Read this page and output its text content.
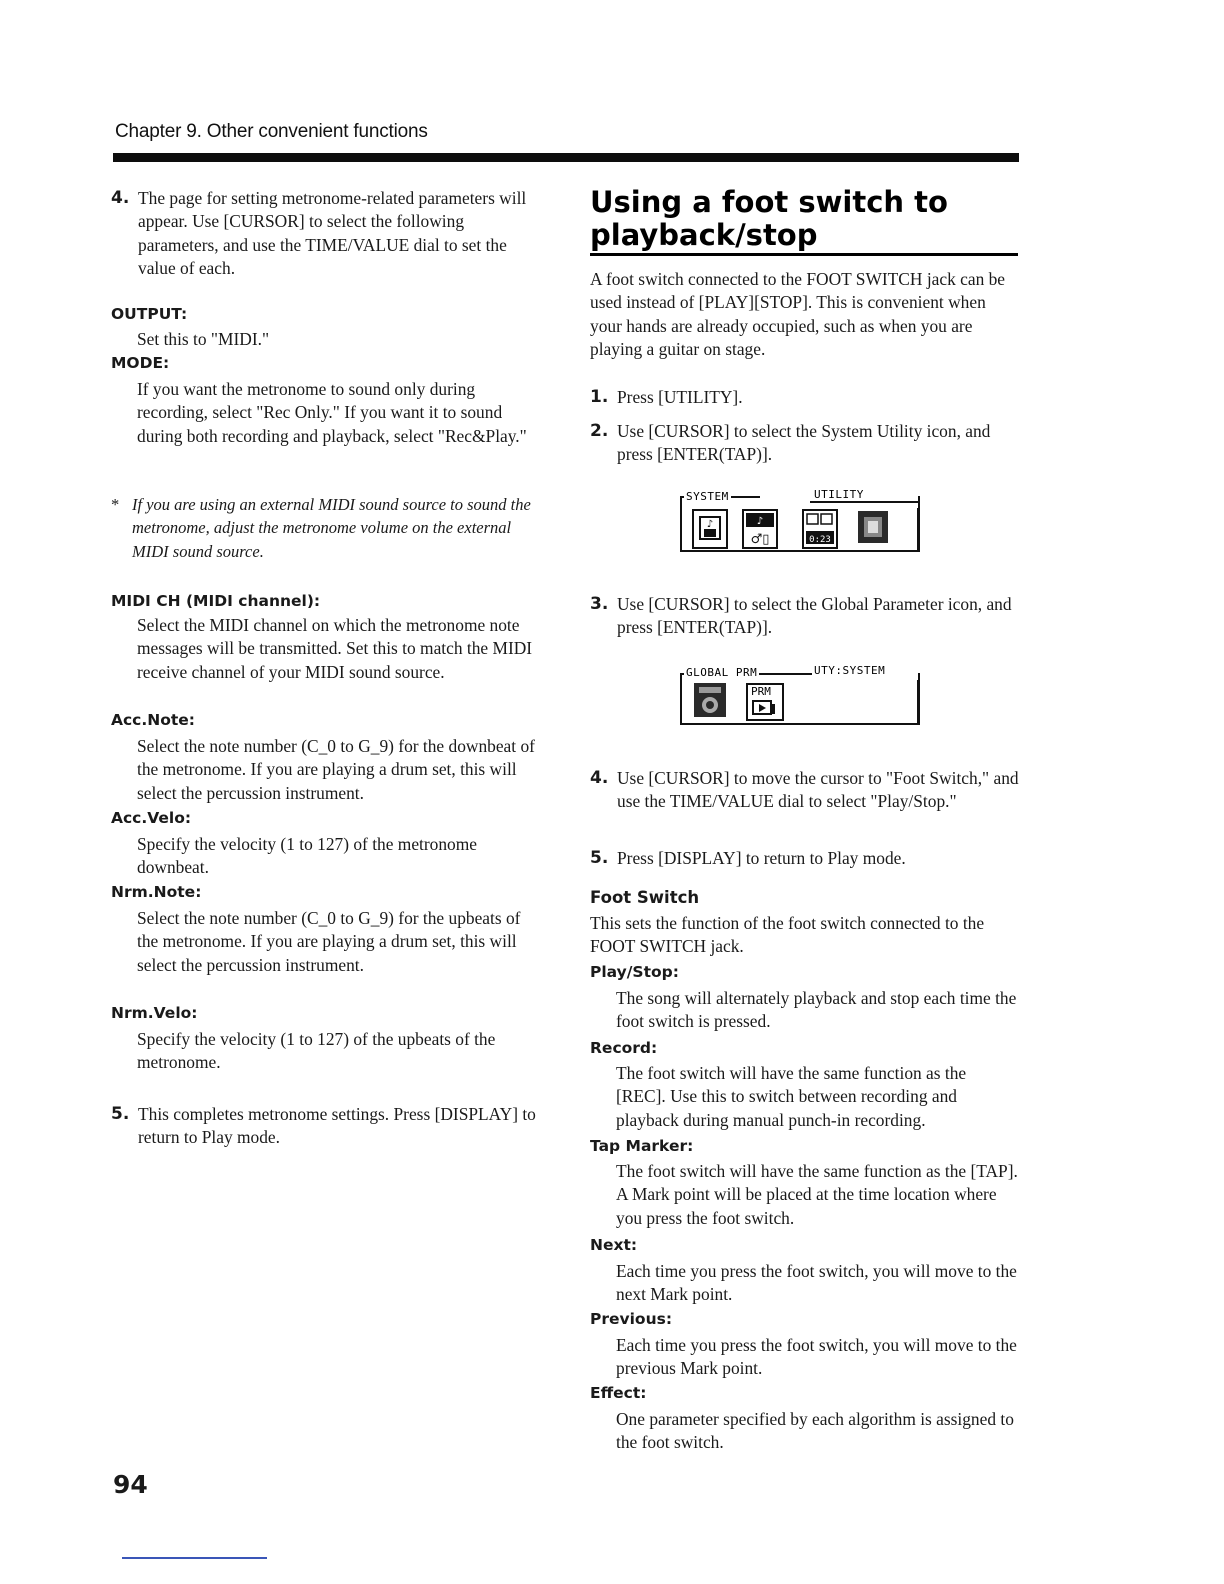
Chapter 9. Other convenient functions
4. The page for setting metronome-related parameters will appear. Use [CURSOR] to select the following parameters, and use the TIME/VALUE dial to set the value of each.
OUTPUT:
Set this to "MIDI."
MODE:
If you want the metronome to sound only during recording, select "Rec Only." If you want it to sound during both recording and playback, select "Rec&Play."
* If you are using an external MIDI sound source to sound the metronome, adjust the metronome volume on the external MIDI sound source.
MIDI CH (MIDI channel):
Select the MIDI channel on which the metronome note messages will be transmitted. Set this to match the MIDI receive channel of your MIDI sound source.
Acc.Note:
Select the note number (C_0 to G_9) for the downbeat of the metronome. If you are playing a drum set, this will select the percussion instrument.
Acc.Velo:
Specify the velocity (1 to 127) of the metronome downbeat.
Nrm.Note:
Select the note number (C_0 to G_9) for the upbeats of the metronome. If you are playing a drum set, this will select the percussion instrument.
Nrm.Velo:
Specify the velocity (1 to 127) of the upbeats of the metronome.
5. This completes metronome settings. Press [DISPLAY] to return to Play mode.
Using a foot switch to playback/stop
A foot switch connected to the FOOT SWITCH jack can be used instead of [PLAY][STOP]. This is convenient when your hands are already occupied, such as when you are playing a guitar on stage.
1. Press [UTILITY].
2. Use [CURSOR] to select the System Utility icon, and press [ENTER(TAP)].
SYSTEM	UTILITY
♪	♪
♂▯	0:23
3. Use [CURSOR] to select the Global Parameter icon, and press [ENTER(TAP)].
GLOBAL PRM	UTY:SYSTEM
PRM
4. Use [CURSOR] to move the cursor to "Foot Switch," and use the TIME/VALUE dial to select "Play/Stop."
5. Press [DISPLAY] to return to Play mode.
Foot Switch
This sets the function of the foot switch connected to the FOOT SWITCH jack.
Play/Stop:
The song will alternately playback and stop each time the foot switch is pressed.
Record:
The foot switch will have the same function as the [REC]. Use this to switch between recording and playback during manual punch-in recording.
Tap Marker:
The foot switch will have the same function as the [TAP]. A Mark point will be placed at the time location where you press the foot switch.
Next:
Each time you press the foot switch, you will move to the next Mark point.
Previous:
Each time you press the foot switch, you will move to the previous Mark point.
Effect:
One parameter specified by each algorithm is assigned to the foot switch.
94
